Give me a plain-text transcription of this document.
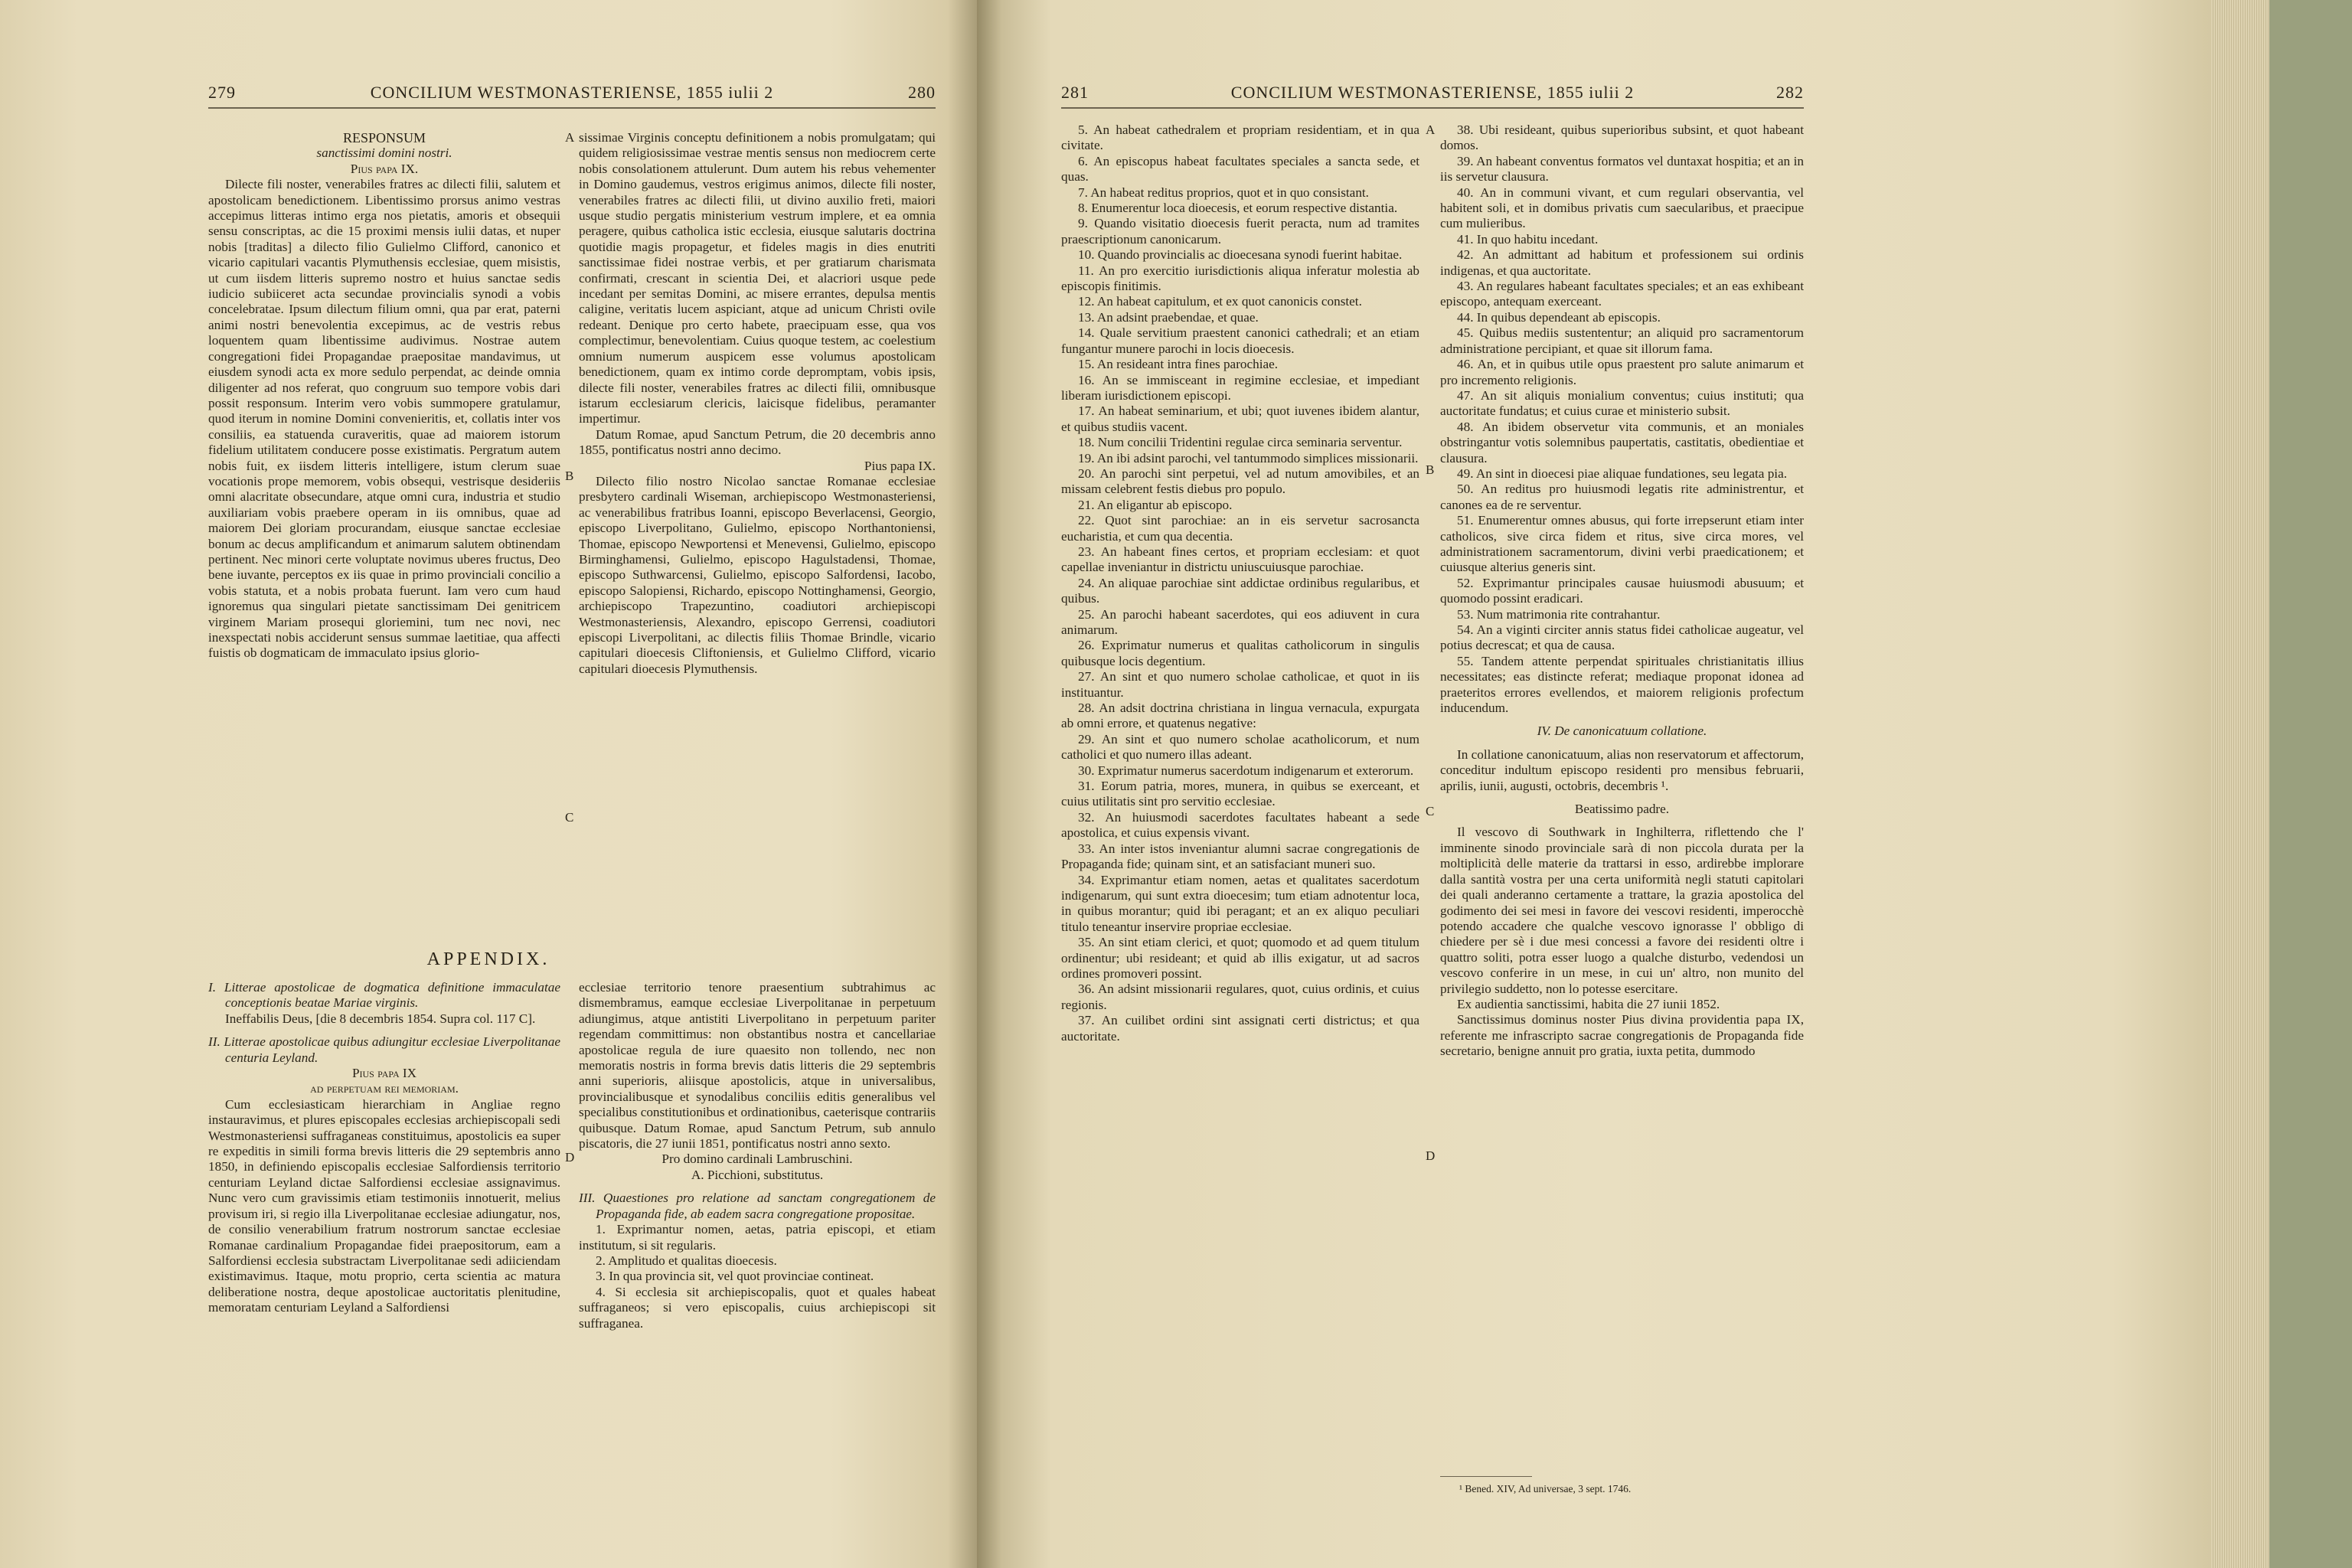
279	CONCILIUM WESTMONASTERIENSE, 1855 iulii 2	280

RESPONSUM

sanctissimi domini nostri.

Pius papa IX.

Dilecte fili noster, venerabiles fratres ac dilecti filii, salutem et apostolicam benedictionem. Libentissimo prorsus animo vestras accepimus litteras intimo erga nos pietatis, amoris et obsequii sensu conscriptas, ac die 15 proximi mensis iulii datas, et nuper nobis [traditas] a dilecto filio Gulielmo Clifford, canonico et vicario capitulari vacantis Plymuthensis ecclesiae, quem misistis, ut cum iisdem litteris supremo nostro et huius sanctae sedis iudicio subiiceret acta secundae provincialis synodi a vobis concelebratae. Ipsum dilectum filium omni, qua par erat, paterni animi nostri benevolentia excepimus, ac de vestris rebus loquentem quam libentissime audivimus. Nostrae autem congregationi fidei Propagandae praepositae mandavimus, ut eiusdem synodi acta ex more sedulo perpendat, ac deinde omnia diligenter ad nos referat, quo congruum suo tempore vobis dari possit responsum. Interim vero vobis summopere gratulamur, quod iterum in nomine Domini convenieritis, et, collatis inter vos consiliis, ea statuenda curaveritis, quae ad maiorem istorum fidelium utilitatem conducere posse existimatis. Pergratum autem nobis fuit, ex iisdem litteris intelligere, istum clerum suae vocationis prope memorem, vobis obsequi, vestrisque desideriis omni alacritate obsecundare, atque omni cura, industria et studio auxiliariam vobis praebere operam in iis omnibus, quae ad maiorem Dei gloriam procurandam, eiusque sanctae ecclesiae bonum ac decus amplificandum et animarum salutem obtinendam pertinent. Nec minori certe voluptate novimus uberes fructus, Deo bene iuvante, perceptos ex iis quae in primo provinciali concilio a vobis statuta, et a nobis probata fuerunt. Iam vero cum haud ignoremus qua singulari pietate sanctissimam Dei genitricem virginem Mariam prosequi gloriemini, tum nec novi, nec inexspectati nobis acciderunt sensus summae laetitiae, qua affecti fuistis ob dogmaticam de immaculato ipsius glorio-

sissimae Virginis conceptu definitionem a nobis promulgatam; qui quidem religiosissimae vestrae mentis sensus non mediocrem certe nobis consolationem attulerunt. Dum autem his rebus vehementer in Domino gaudemus, vestros erigimus animos, dilecte fili noster, venerabiles fratres ac dilecti filii, ut divino auxilio freti, maiori usque studio pergatis ministerium vestrum implere, et ea omnia peragere, quibus catholica istic ecclesia, eiusque salutaris doctrina quotidie magis propagetur, et fideles magis in dies enutriti sanctissimae fidei nostrae verbis, et per gratiarum charismata confirmati, crescant in scientia Dei, et alacriori usque pede incedant per semitas Domini, ac misere errantes, depulsa mentis caligine, veritatis lucem aspiciant, atque ad unicum Christi ovile redeant. Denique pro certo habete, praecipuam esse, qua vos complectimur, benevolentiam. Cuius quoque testem, ac coelestium omnium numerum auspicem esse volumus apostolicam benedictionem, quam ex intimo corde depromptam, vobis ipsis, dilecte fili noster, venerabiles fratres ac dilecti filii, omnibusque istarum ecclesiarum clericis, laicisque fidelibus, peramanter impertimur.

Datum Romae, apud Sanctum Petrum, die 20 decembris anno 1855, pontificatus nostri anno decimo.

Pius papa IX.

Dilecto filio nostro Nicolao sanctae Romanae ecclesiae presbytero cardinali Wiseman, archiepiscopo Westmonasteriensi, ac venerabilibus fratribus Ioanni, episcopo Beverlacensi, Georgio, episcopo Liverpolitano, Gulielmo, episcopo Northantoniensi, Thomae, episcopo Newportensi et Menevensi, Gulielmo, episcopo Birminghamensi, Gulielmo, episcopo Hagulstadensi, Thomae, episcopo Suthwarcensi, Gulielmo, episcopo Salfordensi, Iacobo, episcopo Salopiensi, Richardo, episcopo Nottinghamensi, Georgio, archiepiscopo Trapezuntino, coadiutori archiepiscopi Westmonasteriensis, Alexandro, episcopo Gerrensi, coadiutori episcopi Liverpolitani, ac dilectis filiis Thomae Brindle, vicario capitulari dioecesis Cliftoniensis, et Gulielmo Clifford, vicario capitulari dioecesis Plymuthensis.

APPENDIX.

I. Litterae apostolicae de dogmatica definitione immaculatae conceptionis beatae Mariae virginis.

Ineffabilis Deus, [die 8 decembris 1854. Supra col. 117 C].

II. Litterae apostolicae quibus adiungitur ecclesiae Liverpolitanae centuria Leyland.

Pius papa IX

ad perpetuam rei memoriam.

Cum ecclesiasticam hierarchiam in Angliae regno instauravimus, et plures episcopales ecclesias archiepiscopali sedi Westmonasteriensi suffraganeas constituimus, apostolicis ea super re expeditis in simili forma brevis litteris die 29 septembris anno 1850, in definiendo episcopalis ecclesiae Salfordiensis territorio centuriam Leyland dictae Salfordiensi ecclesiae assignavimus. Nunc vero cum gravissimis etiam testimoniis innotuerit, melius provisum iri, si regio illa Liverpolitanae ecclesiae adiungatur, nos, de consilio venerabilium fratrum nostrorum sanctae ecclesiae Romanae cardinalium Propagandae fidei praepositorum, eam a Salfordiensi ecclesia substractam Liverpolitanae sedi adiiciendam existimavimus. Itaque, motu proprio, certa scientia ac matura deliberatione nostra, deque apostolicae auctoritatis plenitudine, memoratam centuriam Leyland a Salfordiensi

ecclesiae territorio tenore praesentium subtrahimus ac dismembramus, eamque ecclesiae Liverpolitanae in perpetuum adiungimus, atque antistiti Liverpolitano in perpetuum pariter regendam committimus: non obstantibus nostra et cancellariae apostolicae regula de iure quaesito non tollendo, nec non memoratis nostris in forma brevis datis litteris die 29 septembris anni superioris, aliisque apostolicis, atque in universalibus, provincialibusque et synodalibus conciliis editis generalibus vel specialibus constitutionibus et ordinationibus, caeterisque contrariis quibusque. Datum Romae, apud Sanctum Petrum, sub annulo piscatoris, die 27 iunii 1851, pontificatus nostri anno sexto.

Pro domino cardinali Lambruschini.

A. Picchioni, substitutus.

III. Quaestiones pro relatione ad sanctam congregationem de Propaganda fide, ab eadem sacra congregatione propositae.

1. Exprimantur nomen, aetas, patria episcopi, et etiam institutum, si sit regularis.

2. Amplitudo et qualitas dioecesis.

3. In qua provincia sit, vel quot provinciae contineat.

4. Si ecclesia sit archiepiscopalis, quot et quales habeat suffraganeos; si vero episcopalis, cuius archiepiscopi sit suffraganea.

A
B
C
D
281	CONCILIUM WESTMONASTERIENSE, 1855 iulii 2	282

5. An habeat cathedralem et propriam residentiam, et in qua civitate.

6. An episcopus habeat facultates speciales a sancta sede, et quas.

7. An habeat reditus proprios, quot et in quo consistant.

8. Enumerentur loca dioecesis, et eorum respective distantia.

9. Quando visitatio dioecesis fuerit peracta, num ad tramites praescriptionum canonicarum.

10. Quando provincialis ac dioecesana synodi fuerint habitae.

11. An pro exercitio iurisdictionis aliqua inferatur molestia ab episcopis finitimis.

12. An habeat capitulum, et ex quot canonicis constet.

13. An adsint praebendae, et quae.

14. Quale servitium praestent canonici cathedrali; et an etiam fungantur munere parochi in locis dioecesis.

15. An resideant intra fines parochiae.

16. An se immisceant in regimine ecclesiae, et impediant liberam iurisdictionem episcopi.

17. An habeat seminarium, et ubi; quot iuvenes ibidem alantur, et quibus studiis vacent.

18. Num concilii Tridentini regulae circa seminaria serventur.

19. An ibi adsint parochi, vel tantummodo simplices missionarii.

20. An parochi sint perpetui, vel ad nutum amovibiles, et an missam celebrent festis diebus pro populo.

21. An eligantur ab episcopo.

22. Quot sint parochiae: an in eis servetur sacrosancta eucharistia, et cum qua decentia.

23. An habeant fines certos, et propriam ecclesiam: et quot capellae inveniantur in districtu uniuscuiusque parochiae.

24. An aliquae parochiae sint addictae ordinibus regularibus, et quibus.

25. An parochi habeant sacerdotes, qui eos adiuvent in cura animarum.

26. Exprimatur numerus et qualitas catholicorum in singulis quibusque locis degentium.

27. An sint et quo numero scholae catholicae, et quot in iis instituantur.

28. An adsit doctrina christiana in lingua vernacula, expurgata ab omni errore, et quatenus negative:

29. An sint et quo numero scholae acatholicorum, et num catholici et quo numero illas adeant.

30. Exprimatur numerus sacerdotum indigenarum et exterorum.

31. Eorum patria, mores, munera, in quibus se exerceant, et cuius utilitatis sint pro servitio ecclesiae.

32. An huiusmodi sacerdotes facultates habeant a sede apostolica, et cuius expensis vivant.

33. An inter istos inveniantur alumni sacrae congregationis de Propaganda fide; quinam sint, et an satisfaciant muneri suo.

34. Exprimantur etiam nomen, aetas et qualitates sacerdotum indigenarum, qui sunt extra dioecesim; tum etiam adnotentur loca, in quibus morantur; quid ibi peragant; et an ex aliquo peculiari titulo teneantur inservire propriae ecclesiae.

35. An sint etiam clerici, et quot; quomodo et ad quem titulum ordinentur; ubi resideant; et quid ab illis exigatur, ut ad sacros ordines promoveri possint.

36. An adsint missionarii regulares, quot, cuius ordinis, et cuius regionis.

37. An cuilibet ordini sint assignati certi districtus; et qua auctoritate.

38. Ubi resideant, quibus superioribus subsint, et quot habeant domos.

39. An habeant conventus formatos vel duntaxat hospitia; et an in iis servetur clausura.

40. An in communi vivant, et cum regulari observantia, vel habitent soli, et in domibus privatis cum saecularibus, et praecipue cum mulieribus.

41. In quo habitu incedant.

42. An admittant ad habitum et professionem sui ordinis indigenas, et qua auctoritate.

43. An regulares habeant facultates speciales; et an eas exhibeant episcopo, antequam exerceant.

44. In quibus dependeant ab episcopis.

45. Quibus mediis sustententur; an aliquid pro sacramentorum administratione percipiant, et quae sit illorum fama.

46. An, et in quibus utile opus praestent pro salute animarum et pro incremento religionis.

47. An sit aliquis monialium conventus; cuius instituti; qua auctoritate fundatus; et cuius curae et ministerio subsit.

48. An ibidem observetur vita communis, et an moniales obstringantur votis solemnibus paupertatis, castitatis, obedientiae et clausura.

49. An sint in dioecesi piae aliquae fundationes, seu legata pia.

50. An reditus pro huiusmodi legatis rite administrentur, et canones ea de re serventur.

51. Enumerentur omnes abusus, qui forte irrepserunt etiam inter catholicos, sive circa fidem et ritus, sive circa mores, vel administrationem sacramentorum, divini verbi praedicationem; et cuiusque alterius generis sint.

52. Exprimantur principales causae huiusmodi abusuum; et quomodo possint eradicari.

53. Num matrimonia rite contrahantur.

54. An a viginti circiter annis status fidei catholicae augeatur, vel potius decrescat; et qua de causa.

55. Tandem attente perpendat spirituales christianitatis illius necessitates; eas distincte referat; mediaque proponat idonea ad praeteritos errores evellendos, et maiorem religionis profectum inducendum.

IV. De canonicatuum collatione.

In collatione canonicatuum, alias non reservatorum et affectorum, conceditur indultum episcopo residenti pro mensibus februarii, aprilis, iunii, augusti, octobris, decembris ¹.

Beatissimo padre.

Il vescovo di Southwark in Inghilterra, riflettendo che l' imminente sinodo provinciale sarà di non piccola durata per la moltiplicità delle materie da trattarsi in esso, ardirebbe implorare dalla santità vostra per una certa uniformità negli statuti capitolari dei quali anderanno certamente a trattare, la grazia apostolica del godimento dei sei mesi in favore dei vescovi residenti, imperocchè potendo accadere che qualche vescovo ignorasse l' obbligo di chiedere per sè i due mesi concessi a favore dei residenti oltre i quattro soliti, potra esser luogo a qualche disturbo, vedendosi un vescovo conferire in un mese, in cui un' altro, non munito del privilegio suddetto, non lo potesse esercitare.

Ex audientia sanctissimi, habita die 27 iunii 1852.

Sanctissimus dominus noster Pius divina providentia papa IX, referente me infrascripto sacrae congregationis de Propaganda fide secretario, benigne annuit pro gratia, iuxta petita, dummodo

A
B
C
D
¹ Bened. XIV, Ad universae, 3 sept. 1746.
